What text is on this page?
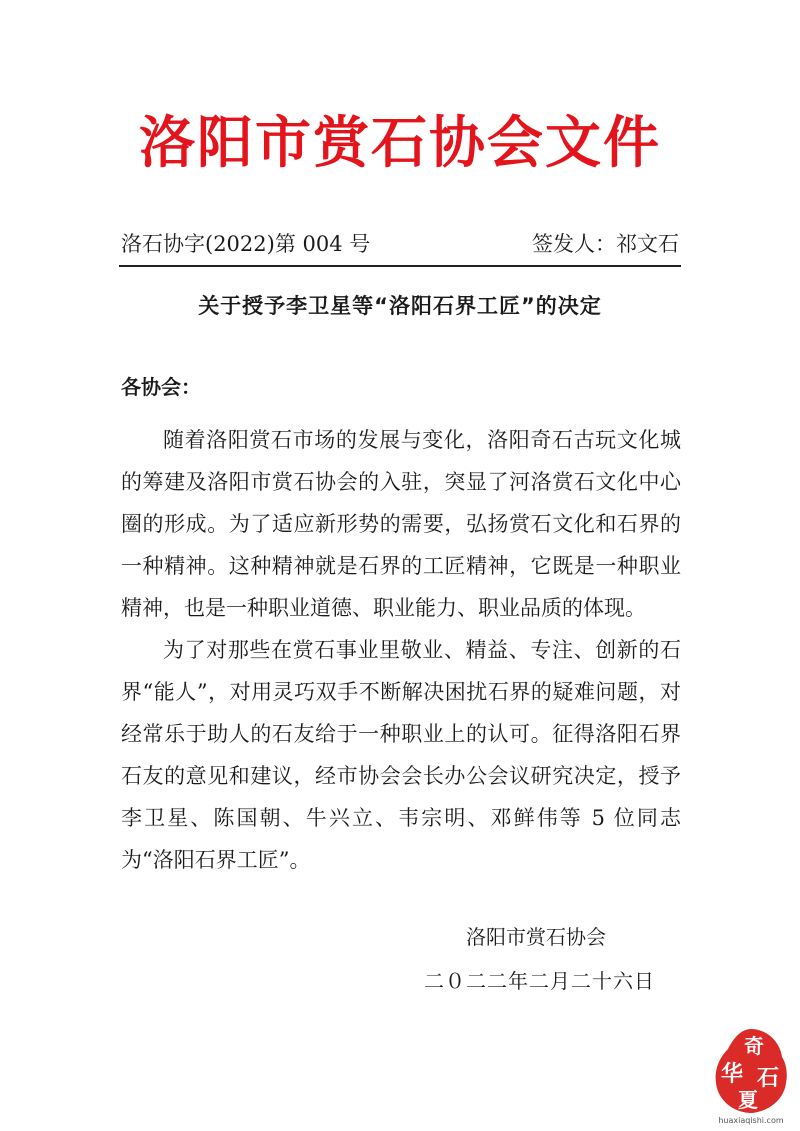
洛阳市赏石协会文件
洛石协字(2022)第 004 号	签发人：祁文石
关于授予李卫星等“洛阳石界工匠”的决定
各协会：

随着洛阳赏石市场的发展与变化，洛阳奇石古玩文化城的筹建及洛阳市赏石协会的入驻，突显了河洛赏石文化中心圈的形成。为了适应新形势的需要，弘扬赏石文化和石界的一种精神。这种精神就是石界的工匠精神，它既是一种职业精神，也是一种职业道德、职业能力、职业品质的体现。

为了对那些在赏石事业里敬业、精益、专注、创新的石界“能人”，对用灵巧双手不断解决困扰石界的疑难问题，对经常乐于助人的石友给于一种职业上的认可。征得洛阳石界石友的意见和建议，经市协会会长办公会议研究决定，授予李卫星、陈国朝、牛兴立、韦宗明、邓鲜伟等 5 位同志为“洛阳石界工匠”。

洛阳市赏石协会
二０二二年二月二十六日
奇
华 石
夏
huaxiaqishi.com
